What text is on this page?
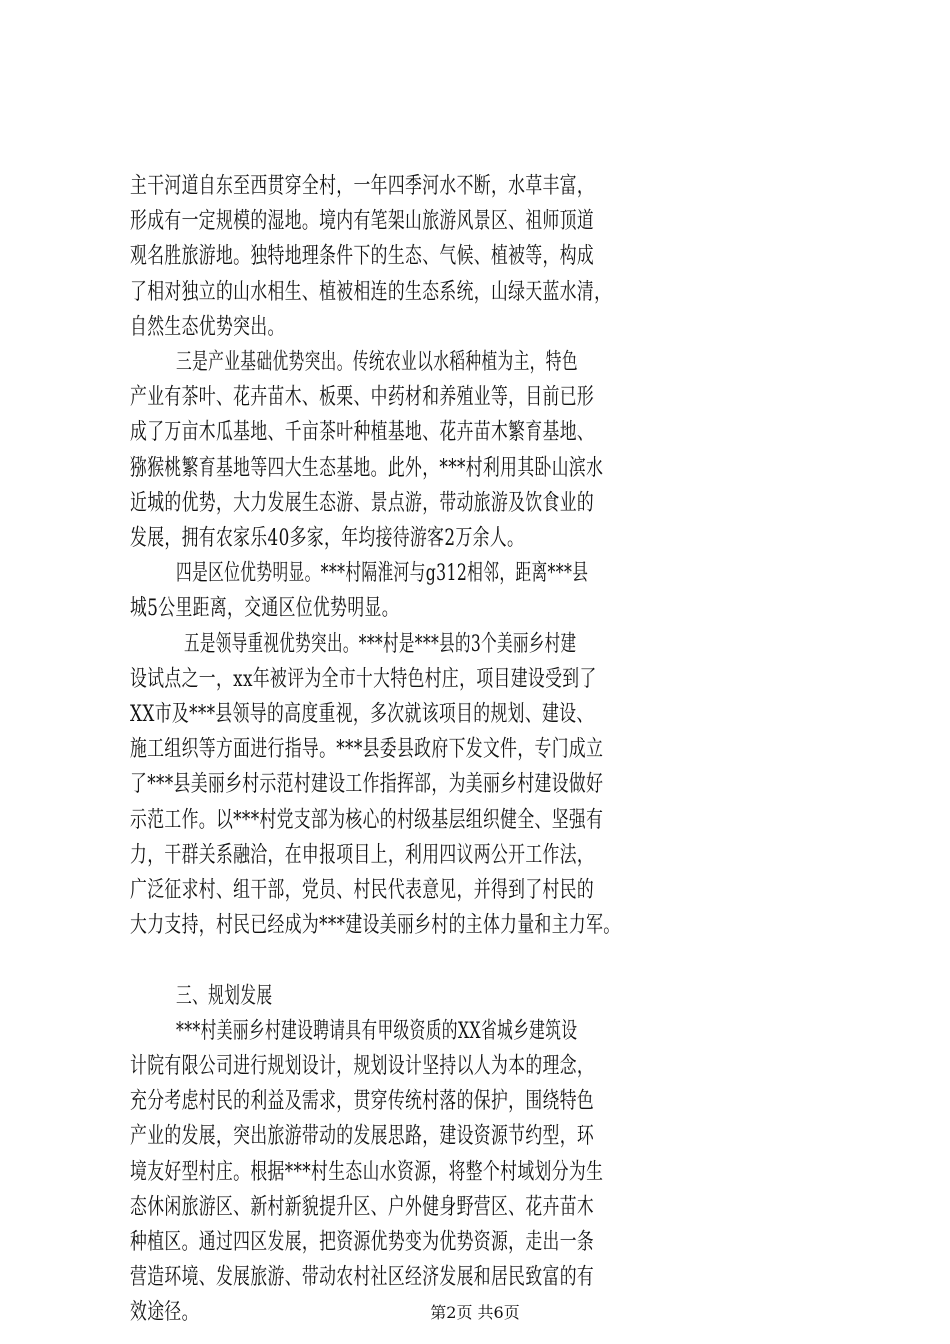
主干河道自东至西贯穿全村，一年四季河水不断，水草丰富，
形成有一定规模的湿地。境内有笔架山旅游风景区、祖师顶道
观名胜旅游地。独特地理条件下的生态、气候、植被等，构成
了相对独立的山水相生、植被相连的生态系统，山绿天蓝水清，
自然生态优势突出。
三是产业基础优势突出。传统农业以水稻种植为主，特色
产业有茶叶、花卉苗木、板栗、中药材和养殖业等，目前已形
成了万亩木瓜基地、千亩茶叶种植基地、花卉苗木繁育基地、
猕猴桃繁育基地等四大生态基地。此外，***村利用其卧山滨水
近城的优势，大力发展生态游、景点游，带动旅游及饮食业的
发展，拥有农家乐40多家，年均接待游客2万余人。
四是区位优势明显。***村隔淮河与g312相邻，距离***县
城5公里距离，交通区位优势明显。
五是领导重视优势突出。***村是***县的3个美丽乡村建
设试点之一，xx年被评为全市十大特色村庄，项目建设受到了
XX市及***县领导的高度重视，多次就该项目的规划、建设、
施工组织等方面进行指导。***县委县政府下发文件，专门成立
了***县美丽乡村示范村建设工作指挥部，为美丽乡村建设做好
示范工作。以***村党支部为核心的村级基层组织健全、坚强有
力，干群关系融洽，在申报项目上，利用四议两公开工作法，
广泛征求村、组干部，党员、村民代表意见，并得到了村民的
大力支持，村民已经成为***建设美丽乡村的主体力量和主力军。
三、规划发展
***村美丽乡村建设聘请具有甲级资质的XX省城乡建筑设
计院有限公司进行规划设计，规划设计坚持以人为本的理念，
充分考虑村民的利益及需求，贯穿传统村落的保护，围绕特色
产业的发展，突出旅游带动的发展思路，建设资源节约型，环
境友好型村庄。根据***村生态山水资源，将整个村域划分为生
态休闲旅游区、新村新貌提升区、户外健身野营区、花卉苗木
种植区。通过四区发展，把资源优势变为优势资源，走出一条
营造环境、发展旅游、带动农村社区经济发展和居民致富的有
效途径。	第2页 共6页
